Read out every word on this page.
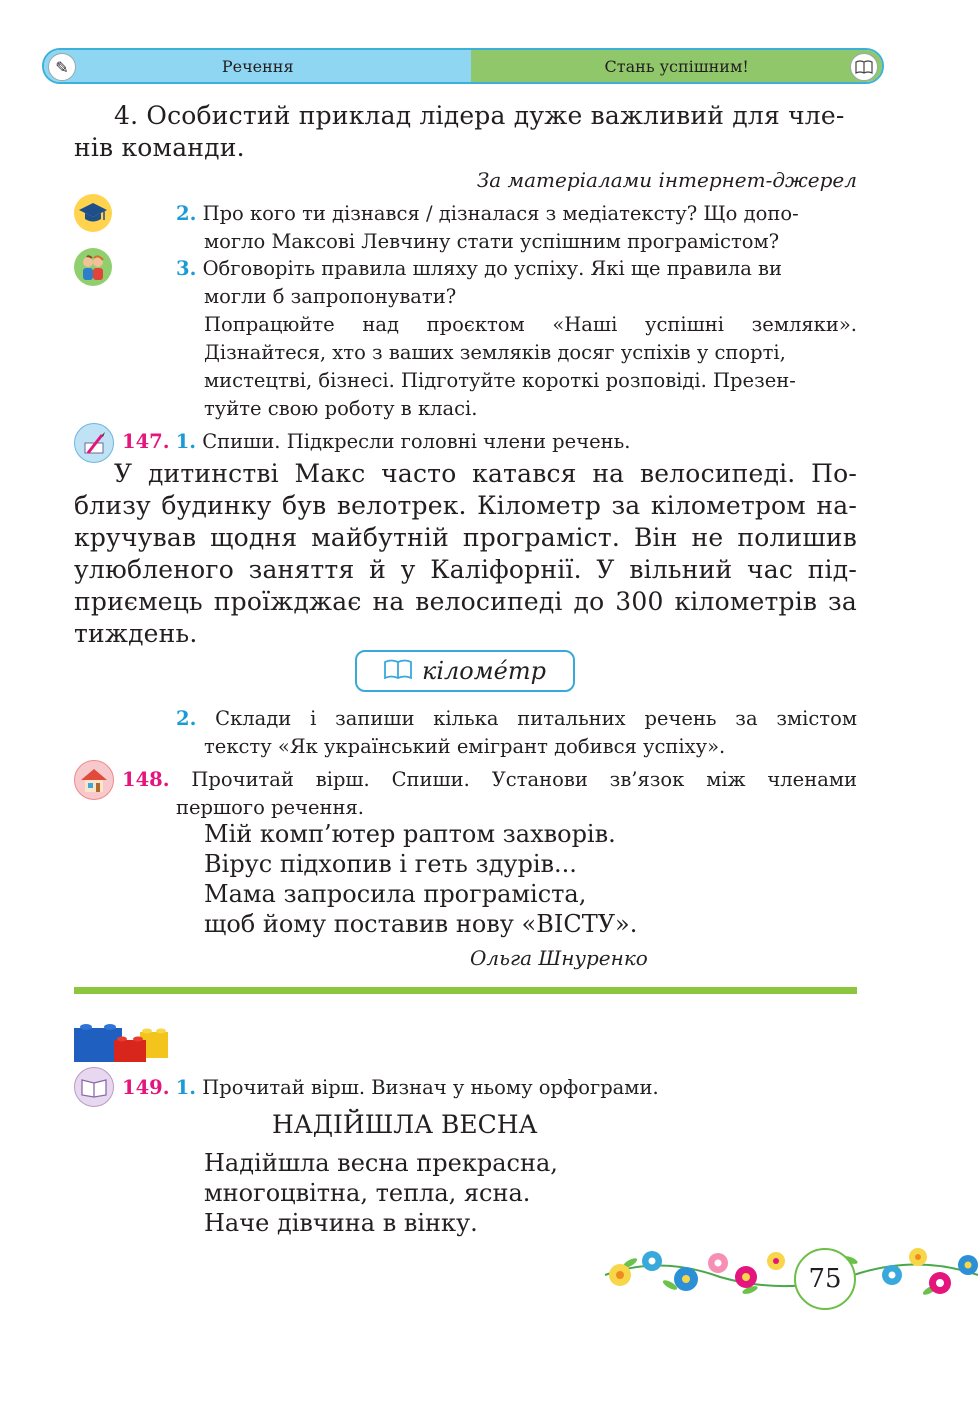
✎	Речення	Стань успішним!
4. Особистий приклад лідера дуже важливий для чле-
нів команди.
За матеріалами інтернет-джерел
2. Про кого ти дізнався / дізналася з медіатексту? Що допо-
могло Максові Левчину стати успішним програмістом?
3. Обговоріть правила шляху до успіху. Які ще правила ви
могли б запропонувати?
Попрацюйте над проєктом «Наші успішні земляки».
Дізнайтеся, хто з ваших земляків досяг успіхів у спорті,
мистецтві, бізнесі. Підготуйте короткі розповіді. Презен-
туйте свою роботу в класі.
147. 1. Спиши. Підкресли головні члени речень.
У дитинстві Макс часто катався на велосипеді. По-
близу будинку був велотрек. Кілометр за кілометром на-
кручував щодня майбутній програміст. Він не полишив
улюбленого заняття й у Каліфорнії. У вільний час під-
приємець проїжджає на велосипеді до 300 кілометрів за
тиждень.
кіломе́тр
2. Склади і запиши кілька питальних речень за змістом
тексту «Як український емігрант добився успіху».
148. Прочитай вірш. Спиши. Установи зв’язок між членами
першого речення.
Мій комп’ютер раптом захворів.
Вірус підхопив і геть здурів...
Мама запросила програміста,
щоб йому поставив нову «ВІСТУ».
Ольга Шнуренко
149. 1. Прочитай вірш. Визнач у ньому орфограми.
НАДІЙШЛА ВЕСНА
Надійшла весна прекрасна,
многоцвітна, тепла, ясна.
Наче дівчина в вінку.
75
